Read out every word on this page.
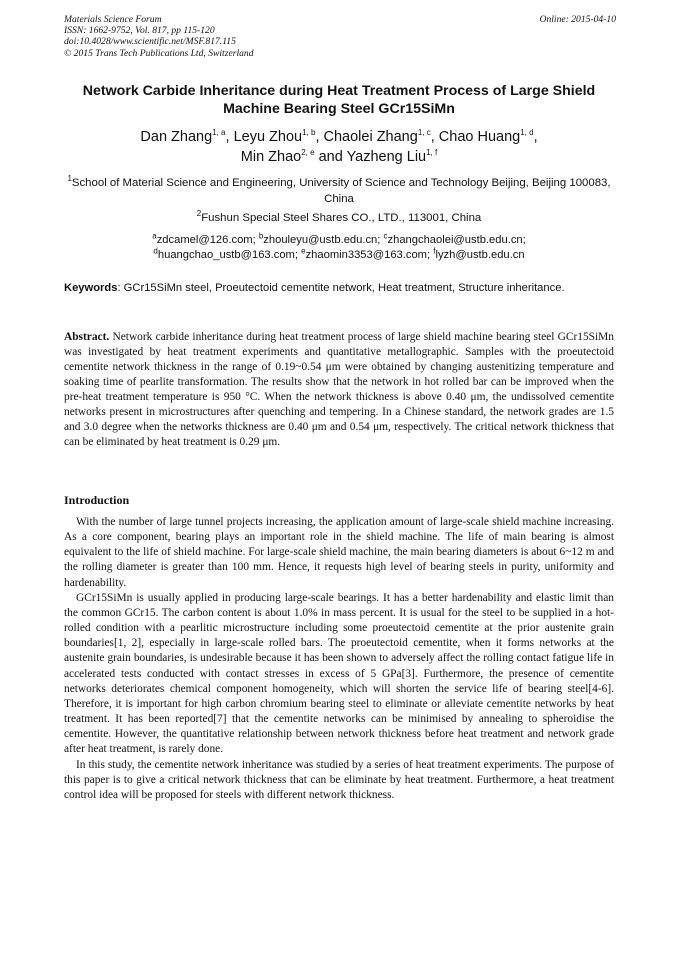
Materials Science Forum
ISSN: 1662-9752, Vol. 817, pp 115-120
doi:10.4028/www.scientific.net/MSF.817.115
© 2015 Trans Tech Publications Ltd, Switzerland
Online: 2015-04-10
Network Carbide Inheritance during Heat Treatment Process of Large Shield Machine Bearing Steel GCr15SiMn
Dan Zhang$^{1, a}$, Leyu Zhou$^{1, b}$, Chaolei Zhang$^{1, c}$, Chao Huang$^{1, d}$,
Min Zhao$^{2, e}$ and Yazheng Liu$^{1, f}$
$^1$School of Material Science and Engineering, University of Science and Technology Beijing, Beijing 100083, China
$^2$Fushun Special Steel Shares CO., LTD., 113001, China
$^a$zdcamel@126.com; $^b$zhouleyu@ustb.edu.cn; $^c$zhangchaolei@ustb.edu.cn;
$^d$huangchao_ustb@163.com; $^e$zhaomin3353@163.com; $^f$lyzh@ustb.edu.cn

Keywords: GCr15SiMn steel, Proeutectoid cementite network, Heat treatment, Structure inheritance.

Abstract. Network carbide inheritance during heat treatment process of large shield machine bearing steel GCr15SiMn was investigated by heat treatment experiments and quantitative metallographic. Samples with the proeutectoid cementite network thickness in the range of 0.19~0.54 μm were obtained by changing austenitizing temperature and soaking time of pearlite transformation. The results show that the network in hot rolled bar can be improved when the pre-heat treatment temperature is 950 °C. When the network thickness is above 0.40 μm, the undissolved cementite networks present in microstructures after quenching and tempering. In a Chinese standard, the network grades are 1.5 and 3.0 degree when the networks thickness are 0.40 μm and 0.54 μm, respectively. The critical network thickness that can be eliminated by heat treatment is 0.29 μm.

Introduction

With the number of large tunnel projects increasing, the application amount of large-scale shield machine increasing. As a core component, bearing plays an important role in the shield machine. The life of main bearing is almost equivalent to the life of shield machine. For large-scale shield machine, the main bearing diameters is about 6~12 m and the rolling diameter is greater than 100 mm. Hence, it requests high level of bearing steels in purity, uniformity and hardenability.

GCr15SiMn is usually applied in producing large-scale bearings. It has a better hardenability and elastic limit than the common GCr15. The carbon content is about 1.0% in mass percent. It is usual for the steel to be supplied in a hot-rolled condition with a pearlitic microstructure including some proeutectoid cementite at the prior austenite grain boundaries[1, 2], especially in large-scale rolled bars. The proeutectoid cementite, when it forms networks at the austenite grain boundaries, is undesirable because it has been shown to adversely affect the rolling contact fatigue life in accelerated tests conducted with contact stresses in excess of 5 GPa[3]. Furthermore, the presence of cementite networks deteriorates chemical component homogeneity, which will shorten the service life of bearing steel[4-6]. Therefore, it is important for high carbon chromium bearing steel to eliminate or alleviate cementite networks by heat treatment. It has been reported[7] that the cementite networks can be minimised by annealing to spheroidise the cementite. However, the quantitative relationship between network thickness before heat treatment and network grade after heat treatment, is rarely done.

In this study, the cementite network inheritance was studied by a series of heat treatment experiments. The purpose of this paper is to give a critical network thickness that can be eliminate by heat treatment. Furthermore, a heat treatment control idea will be proposed for steels with different network thickness.
